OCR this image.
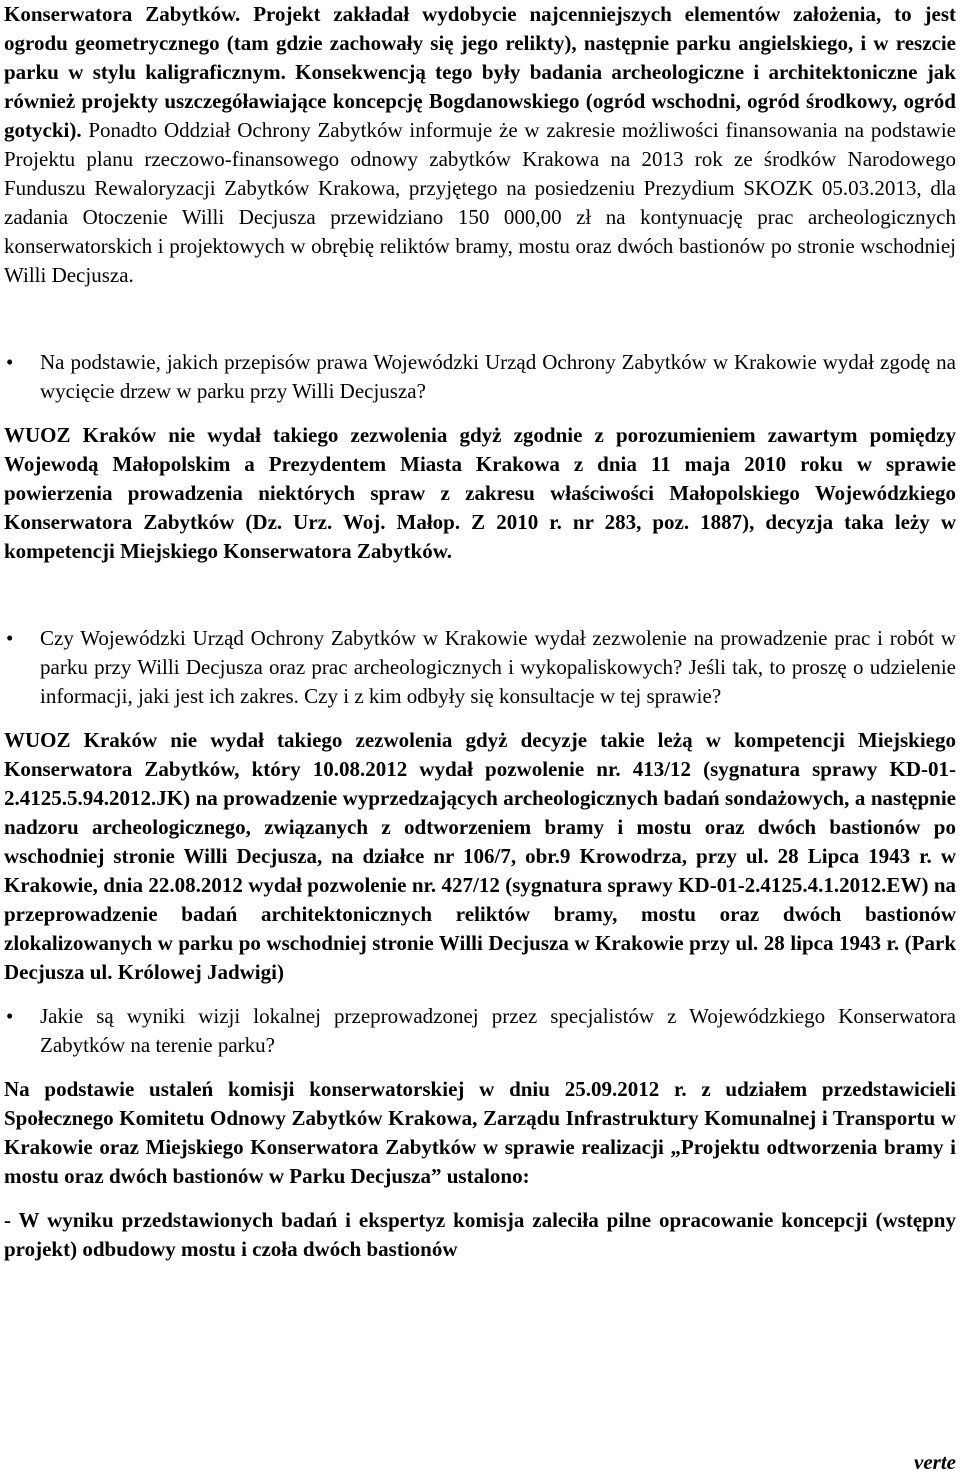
Konserwatora Zabytków. Projekt zakładał wydobycie najcenniejszych elementów założenia, to jest ogrodu geometrycznego (tam gdzie zachowały się jego relikty), następnie parku angielskiego, i w reszcie parku w stylu kaligraficznym. Konsekwencją tego były badania archeologiczne i architektoniczne jak również projekty uszczegóławiające koncepcję Bogdanowskiego (ogród wschodni, ogród środkowy, ogród gotycki). Ponadto Oddział Ochrony Zabytków informuje że w zakresie możliwości finansowania na podstawie Projektu planu rzeczowo-finansowego odnowy zabytków Krakowa na 2013 rok ze środków Narodowego Funduszu Rewaloryzacji Zabytków Krakowa, przyjętego na posiedzeniu Prezydium SKOZK 05.03.2013, dla zadania Otoczenie Willi Decjusza przewidziano 150 000,00 zł na kontynuację prac archeologicznych konserwatorskich i projektowych w obrębię reliktów bramy, mostu oraz dwóch bastionów po stronie wschodniej Willi Decjusza.

•	Na podstawie, jakich przepisów prawa Wojewódzki Urząd Ochrony Zabytków w Krakowie wydał zgodę na wycięcie drzew w parku przy Willi Decjusza?

WUOZ Kraków nie wydał takiego zezwolenia gdyż zgodnie z porozumieniem zawartym pomiędzy Wojewodą Małopolskim a Prezydentem Miasta Krakowa z dnia 11 maja 2010 roku w sprawie powierzenia prowadzenia niektórych spraw z zakresu właściwości Małopolskiego Wojewódzkiego Konserwatora Zabytków (Dz. Urz. Woj. Małop. Z 2010 r. nr 283, poz. 1887), decyzja taka leży w kompetencji Miejskiego Konserwatora Zabytków.

•	Czy Wojewódzki Urząd Ochrony Zabytków w Krakowie wydał zezwolenie na prowadzenie prac i robót w parku przy Willi Decjusza oraz prac archeologicznych i wykopaliskowych? Jeśli tak, to proszę o udzielenie informacji, jaki jest ich zakres. Czy i z kim odbyły się konsultacje w tej sprawie?

WUOZ Kraków nie wydał takiego zezwolenia gdyż decyzje takie leżą w kompetencji Miejskiego Konserwatora Zabytków, który 10.08.2012 wydał pozwolenie nr. 413/12 (sygnatura sprawy KD-01-2.4125.5.94.2012.JK) na prowadzenie wyprzedzających archeologicznych badań sondażowych, a następnie nadzoru archeologicznego, związanych z odtworzeniem bramy i mostu oraz dwóch bastionów po wschodniej stronie Willi Decjusza, na działce nr 106/7, obr.9 Krowodrza, przy ul. 28 Lipca 1943 r. w Krakowie, dnia 22.08.2012 wydał pozwolenie nr. 427/12 (sygnatura sprawy KD-01-2.4125.4.1.2012.EW) na przeprowadzenie badań architektonicznych reliktów bramy, mostu oraz dwóch bastionów zlokalizowanych w parku po wschodniej stronie Willi Decjusza w Krakowie przy ul. 28 lipca 1943 r. (Park Decjusza ul. Królowej Jadwigi)

•	Jakie są wyniki wizji lokalnej przeprowadzonej przez specjalistów z Wojewódzkiego Konserwatora Zabytków na terenie parku?

Na podstawie ustaleń komisji konserwatorskiej w dniu 25.09.2012 r. z udziałem przedstawicieli Społecznego Komitetu Odnowy Zabytków Krakowa, Zarządu Infrastruktury Komunalnej i Transportu w Krakowie oraz Miejskiego Konserwatora Zabytków w sprawie realizacji „Projektu odtworzenia bramy i mostu oraz dwóch bastionów w Parku Decjusza” ustalono:

- W wyniku przedstawionych badań i ekspertyz komisja zaleciła pilne opracowanie koncepcji (wstępny projekt) odbudowy mostu i czoła dwóch bastionów

verte
